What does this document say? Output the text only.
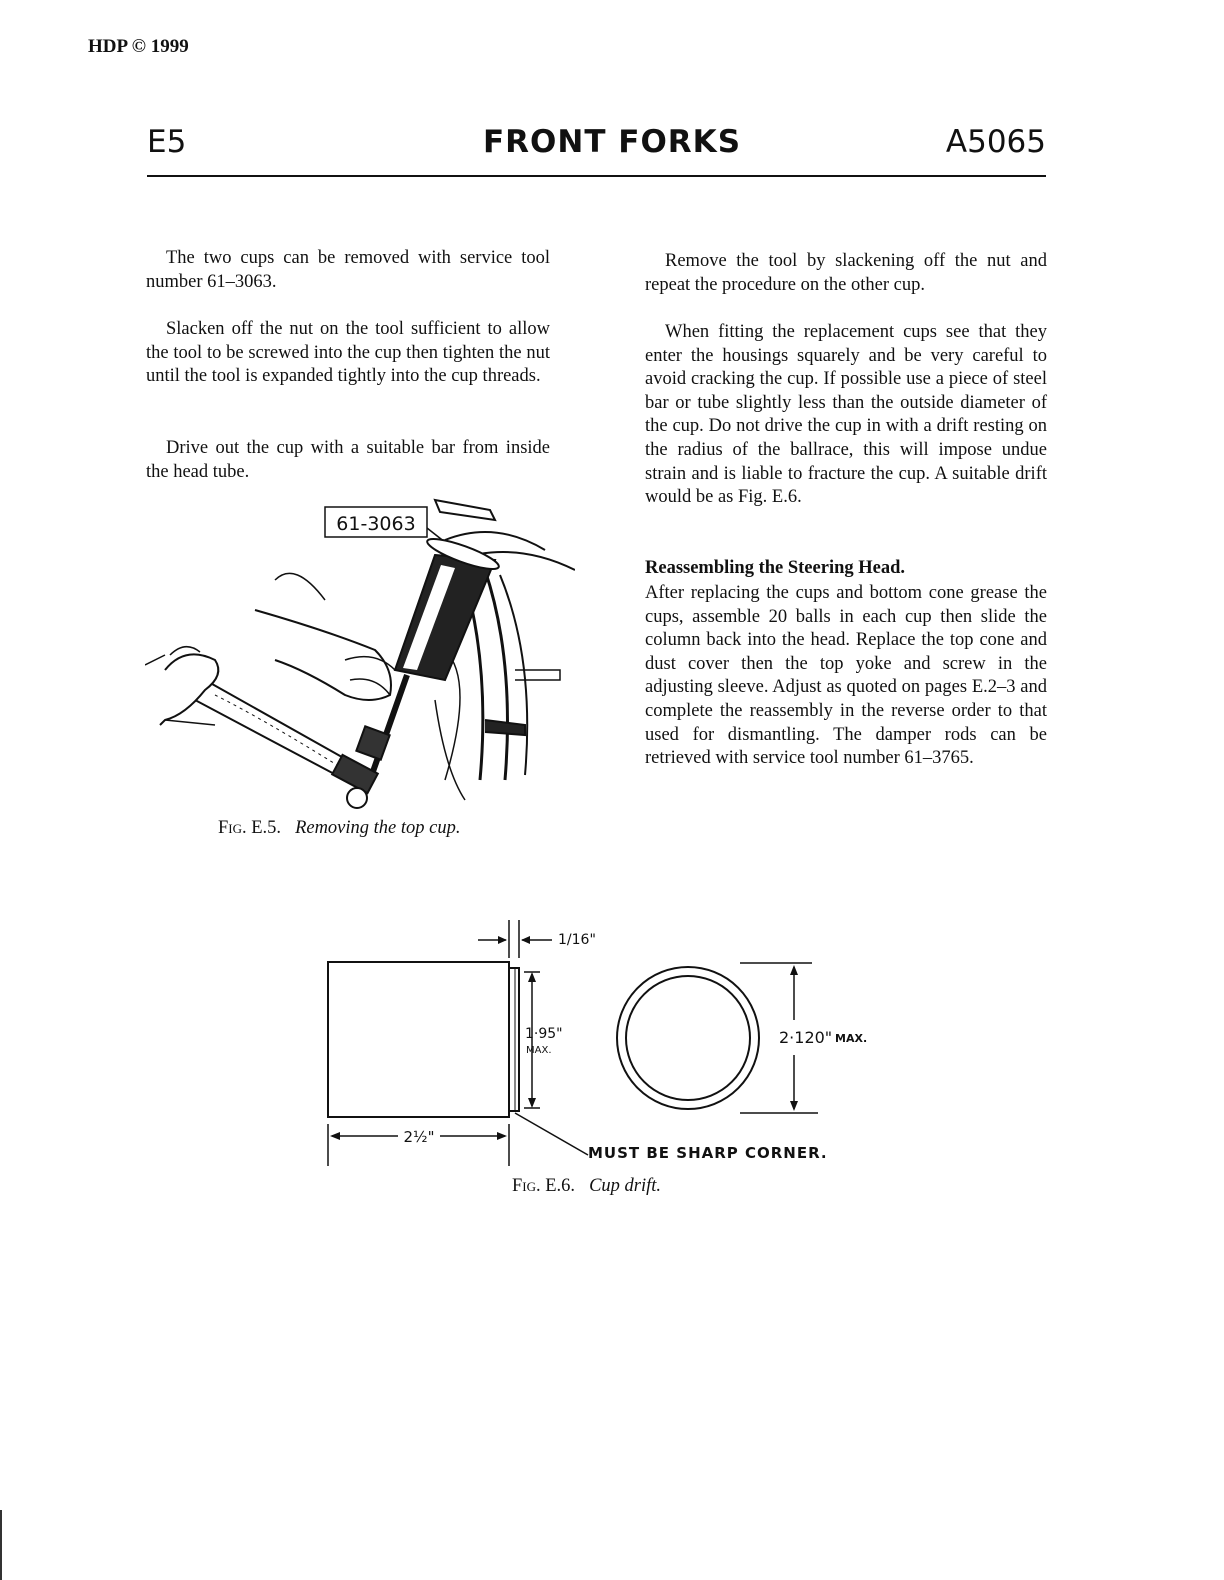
HDP © 1999
E5	FRONT FORKS	A5065

The two cups can be removed with service tool number 61–3063.

Slacken off the nut on the tool sufficient to allow the tool to be screwed into the cup then tighten the nut until the tool is expanded tightly into the cup threads.

Drive out the cup with a suitable bar from inside the head tube.

Remove the tool by slackening off the nut and repeat the procedure on the other cup.

When fitting the replacement cups see that they enter the housings squarely and be very careful to avoid cracking the cup. If possible use a piece of steel bar or tube slightly less than the outside diameter of the cup. Do not drive the cup in with a drift resting on the radius of the ballrace, this will impose undue strain and is liable to fracture the cup. A suitable drift would be as Fig. E.6.

Reassembling the Steering Head.

After replacing the cups and bottom cone grease the cups, assemble 20 balls in each cup then slide the column back into the head. Replace the top cone and dust cover then the top yoke and screw in the adjusting sleeve. Adjust as quoted on pages E.2–3 and complete the reassembly in the reverse order to that used for dismantling. The damper rods can be retrieved with service tool number 61–3765.

61-3063
Fig. E.5. Removing the top cup.
1/16"
1·95"
MAX.
2½"
MUST BE SHARP CORNER.
2·120" MAX.
Fig. E.6. Cup drift.
